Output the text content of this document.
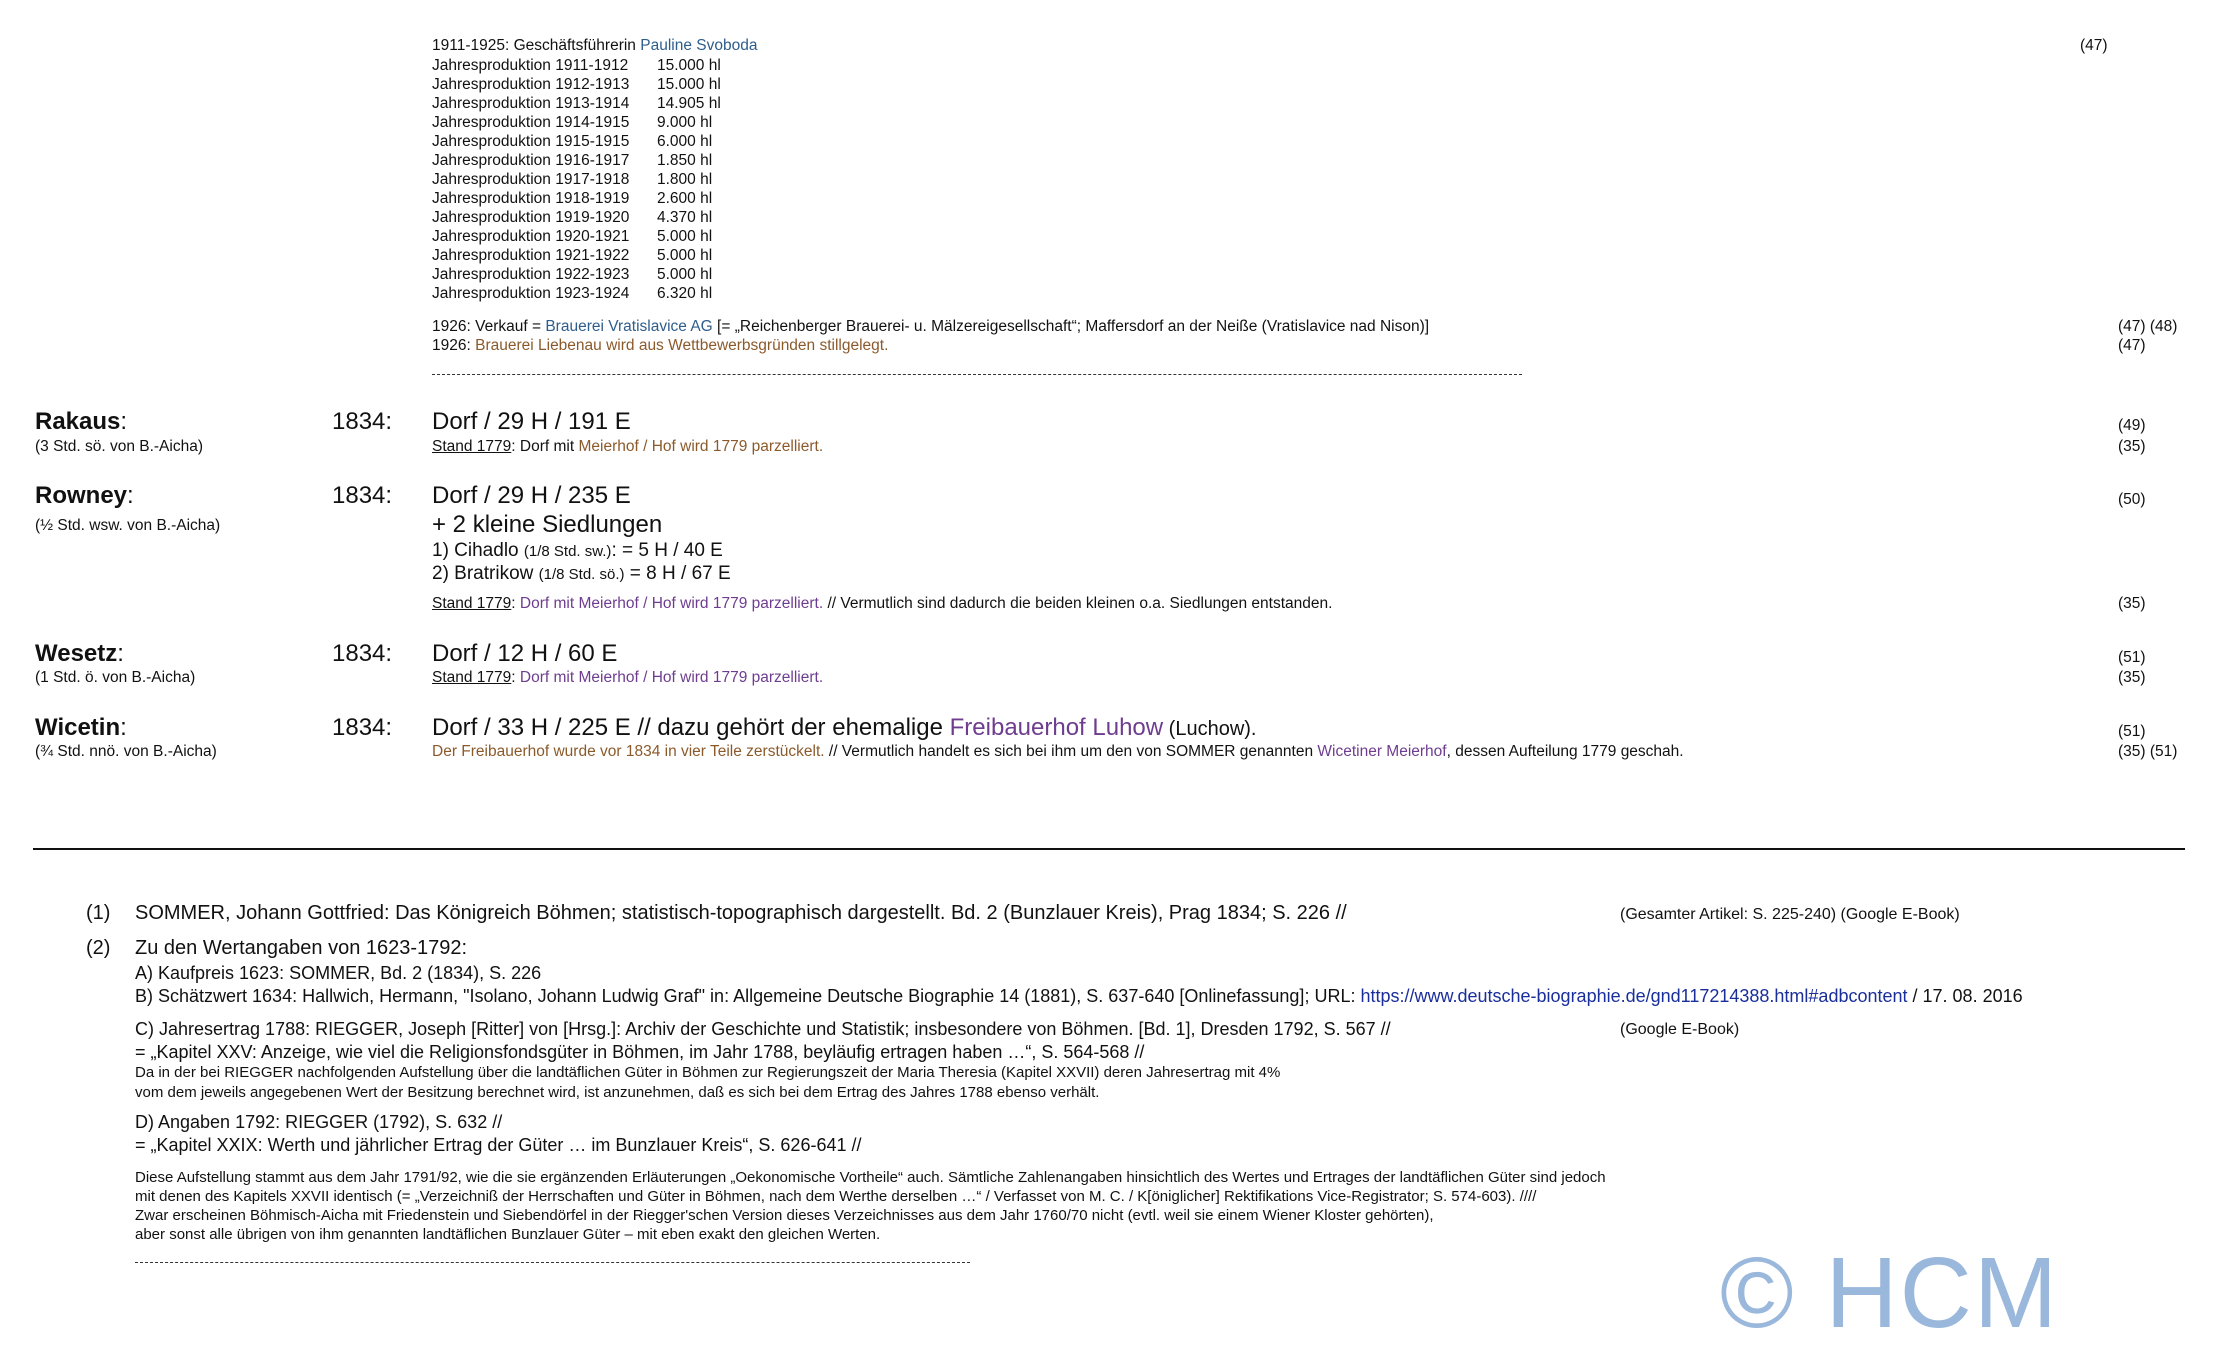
1911-1925: Geschäftsführerin Pauline Svoboda	(47)
Jahresproduktion 1911-1912 15.000 hl
Jahresproduktion 1912-1913 15.000 hl
Jahresproduktion 1913-1914 14.905 hl
Jahresproduktion 1914-1915 9.000 hl
Jahresproduktion 1915-1915 6.000 hl
Jahresproduktion 1916-1917 1.850 hl
Jahresproduktion 1917-1918 1.800 hl
Jahresproduktion 1918-1919 2.600 hl
Jahresproduktion 1919-1920 4.370 hl
Jahresproduktion 1920-1921 5.000 hl
Jahresproduktion 1921-1922 5.000 hl
Jahresproduktion 1922-1923 5.000 hl
Jahresproduktion 1923-1924 6.320 hl
1926: Verkauf = Brauerei Vratislavice AG [= „Reichenberger Brauerei- u. Mälzereigesellschaft“; Maffersdorf an der Neiße (Vratislavice nad Nison)]	(47) (48)
1926: Brauerei Liebenau wird aus Wettbewerbsgründen stillgelegt.	(47)
Rakaus:
(3 Std. sö. von B.-Aicha)
1834: Dorf / 29 H / 191 E	(49)
Stand 1779: Dorf mit Meierhof / Hof wird 1779 parzelliert.	(35)
Rowney:
(½ Std. wsw. von B.-Aicha)
1834: Dorf / 29 H / 235 E	(50)
+ 2 kleine Siedlungen
1) Cihadlo (1/8 Std. sw.): = 5 H / 40 E
2) Bratrikow (1/8 Std. sö.) = 8 H / 67 E
Stand 1779: Dorf mit Meierhof / Hof wird 1779 parzelliert. // Vermutlich sind dadurch die beiden kleinen o.a. Siedlungen entstanden.	(35)
Wesetz:
(1 Std. ö. von B.-Aicha)
1834: Dorf / 12 H / 60 E	(51)
Stand 1779: Dorf mit Meierhof / Hof wird 1779 parzelliert.	(35)
Wicetin:
(¾ Std. nnö. von B.-Aicha)
1834: Dorf / 33 H / 225 E // dazu gehört der ehemalige Freibauerhof Luhow (Luchow).	(51)
Der Freibauerhof wurde vor 1834 in vier Teile zerstückelt. // Vermutlich handelt es sich bei ihm um den von SOMMER genannten Wicetiner Meierhof, dessen Aufteilung 1779 geschah.	(35) (51)
(1) SOMMER, Johann Gottfried: Das Königreich Böhmen; statistisch-topographisch dargestellt. Bd. 2 (Bunzlauer Kreis), Prag 1834; S. 226 //	(Gesamter Artikel: S. 225-240) (Google E-Book)
(2) Zu den Wertangaben von 1623-1792:
A) Kaufpreis 1623: SOMMER, Bd. 2 (1834), S. 226
B) Schätzwert 1634: Hallwich, Hermann, "Isolano, Johann Ludwig Graf" in: Allgemeine Deutsche Biographie 14 (1881), S. 637-640 [Onlinefassung]; URL: https://www.deutsche-biographie.de/gnd117214388.html#adbcontent / 17. 08. 2016
C) Jahresertrag 1788: RIEGGER, Joseph [Ritter] von [Hrsg.]: Archiv der Geschichte und Statistik; insbesondere von Böhmen. [Bd. 1], Dresden 1792, S. 567 //	(Google E-Book)
= „Kapitel XXV: Anzeige, wie viel die Religionsfondsgüter in Böhmen, im Jahr 1788, beyläufig ertragen haben …“, S. 564-568 //
Da in der bei RIEGGER nachfolgenden Aufstellung über die landtäflichen Güter in Böhmen zur Regierungszeit der Maria Theresia (Kapitel XXVII) deren Jahresertrag mit 4%
vom dem jeweils angegebenen Wert der Besitzung berechnet wird, ist anzunehmen, daß es sich bei dem Ertrag des Jahres 1788 ebenso verhält.
D) Angaben 1792: RIEGGER (1792), S. 632 //
= „Kapitel XXIX: Werth und jährlicher Ertrag der Güter … im Bunzlauer Kreis“, S. 626-641 //
Diese Aufstellung stammt aus dem Jahr 1791/92, wie die sie ergänzenden Erläuterungen „Oekonomische Vortheile“ auch. Sämtliche Zahlenangaben hinsichtlich des Wertes und Ertrages der landtäflichen Güter sind jedoch
mit denen des Kapitels XXVII identisch (= „Verzeichniß der Herrschaften und Güter in Böhmen, nach dem Werthe derselben …“ / Verfasset von M. C. / K[öniglicher] Rektifikations Vice-Registrator; S. 574-603). ////
Zwar erscheinen Böhmisch-Aicha mit Friedenstein und Siebendörfel in der Riegger'schen Version dieses Verzeichnisses aus dem Jahr 1760/70 nicht (evtl. weil sie einem Wiener Kloster gehörten),
aber sonst alle übrigen von ihm genannten landtäflichen Bunzlauer Güter – mit eben exakt den gleichen Werten.
© HCM
